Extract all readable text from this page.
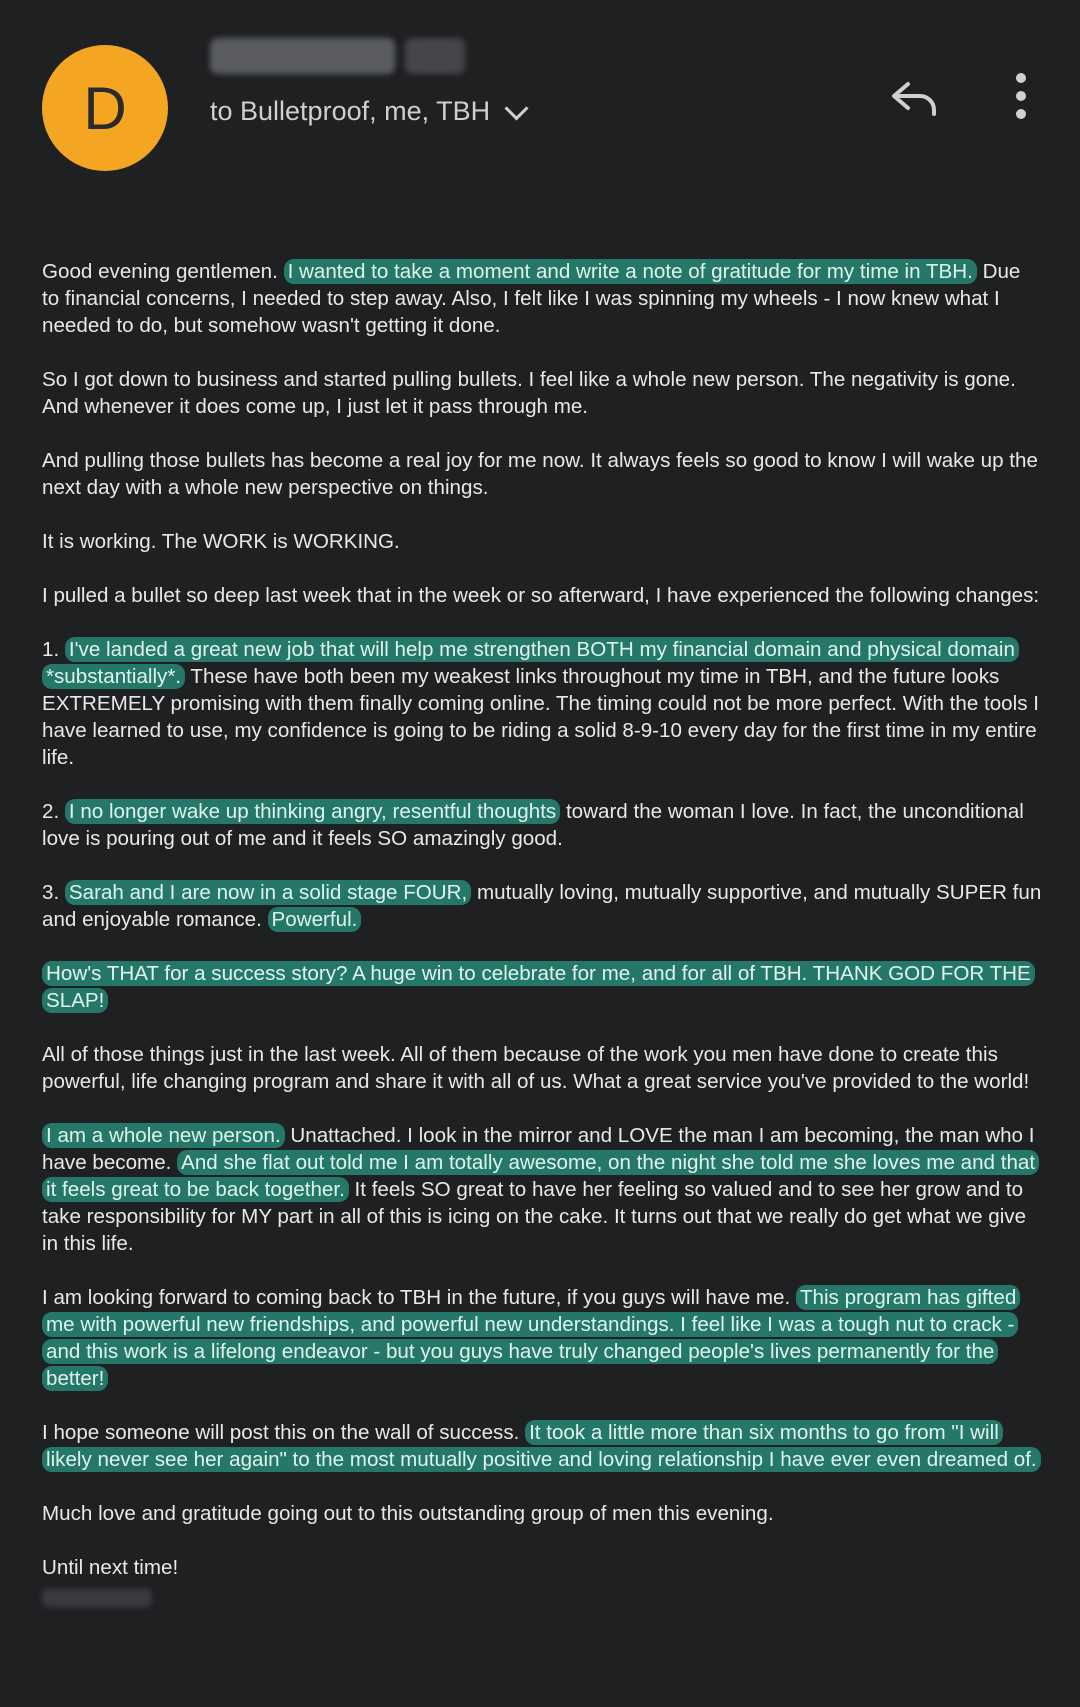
D	to Bulletproof, me, TBH

Good evening gentlemen. I wanted to take a moment and write a note of gratitude for my time in TBH. Due to financial concerns, I needed to step away. Also, I felt like I was spinning my wheels - I now knew what I needed to do, but somehow wasn't getting it done.

So I got down to business and started pulling bullets. I feel like a whole new person. The negativity is gone. And whenever it does come up, I just let it pass through me.

And pulling those bullets has become a real joy for me now. It always feels so good to know I will wake up the next day with a whole new perspective on things.

It is working. The WORK is WORKING.

I pulled a bullet so deep last week that in the week or so afterward, I have experienced the following changes:

1. I've landed a great new job that will help me strengthen BOTH my financial domain and physical domain *substantially*. These have both been my weakest links throughout my time in TBH, and the future looks EXTREMELY promising with them finally coming online. The timing could not be more perfect. With the tools I have learned to use, my confidence is going to be riding a solid 8-9-10 every day for the first time in my entire life.

2. I no longer wake up thinking angry, resentful thoughts toward the woman I love. In fact, the unconditional love is pouring out of me and it feels SO amazingly good.

3. Sarah and I are now in a solid stage FOUR, mutually loving, mutually supportive, and mutually SUPER fun and enjoyable romance. Powerful.

How's THAT for a success story? A huge win to celebrate for me, and for all of TBH. THANK GOD FOR THE SLAP!

All of those things just in the last week. All of them because of the work you men have done to create this powerful, life changing program and share it with all of us. What a great service you've provided to the world!

I am a whole new person. Unattached. I look in the mirror and LOVE the man I am becoming, the man who I have become. And she flat out told me I am totally awesome, on the night she told me she loves me and that it feels great to be back together. It feels SO great to have her feeling so valued and to see her grow and to take responsibility for MY part in all of this is icing on the cake. It turns out that we really do get what we give in this life.

I am looking forward to coming back to TBH in the future, if you guys will have me. This program has gifted me with powerful new friendships, and powerful new understandings. I feel like I was a tough nut to crack - and this work is a lifelong endeavor - but you guys have truly changed people's lives permanently for the better!

I hope someone will post this on the wall of success. It took a little more than six months to go from "I will likely never see her again" to the most mutually positive and loving relationship I have ever even dreamed of.

Much love and gratitude going out to this outstanding group of men this evening.

Until next time!
